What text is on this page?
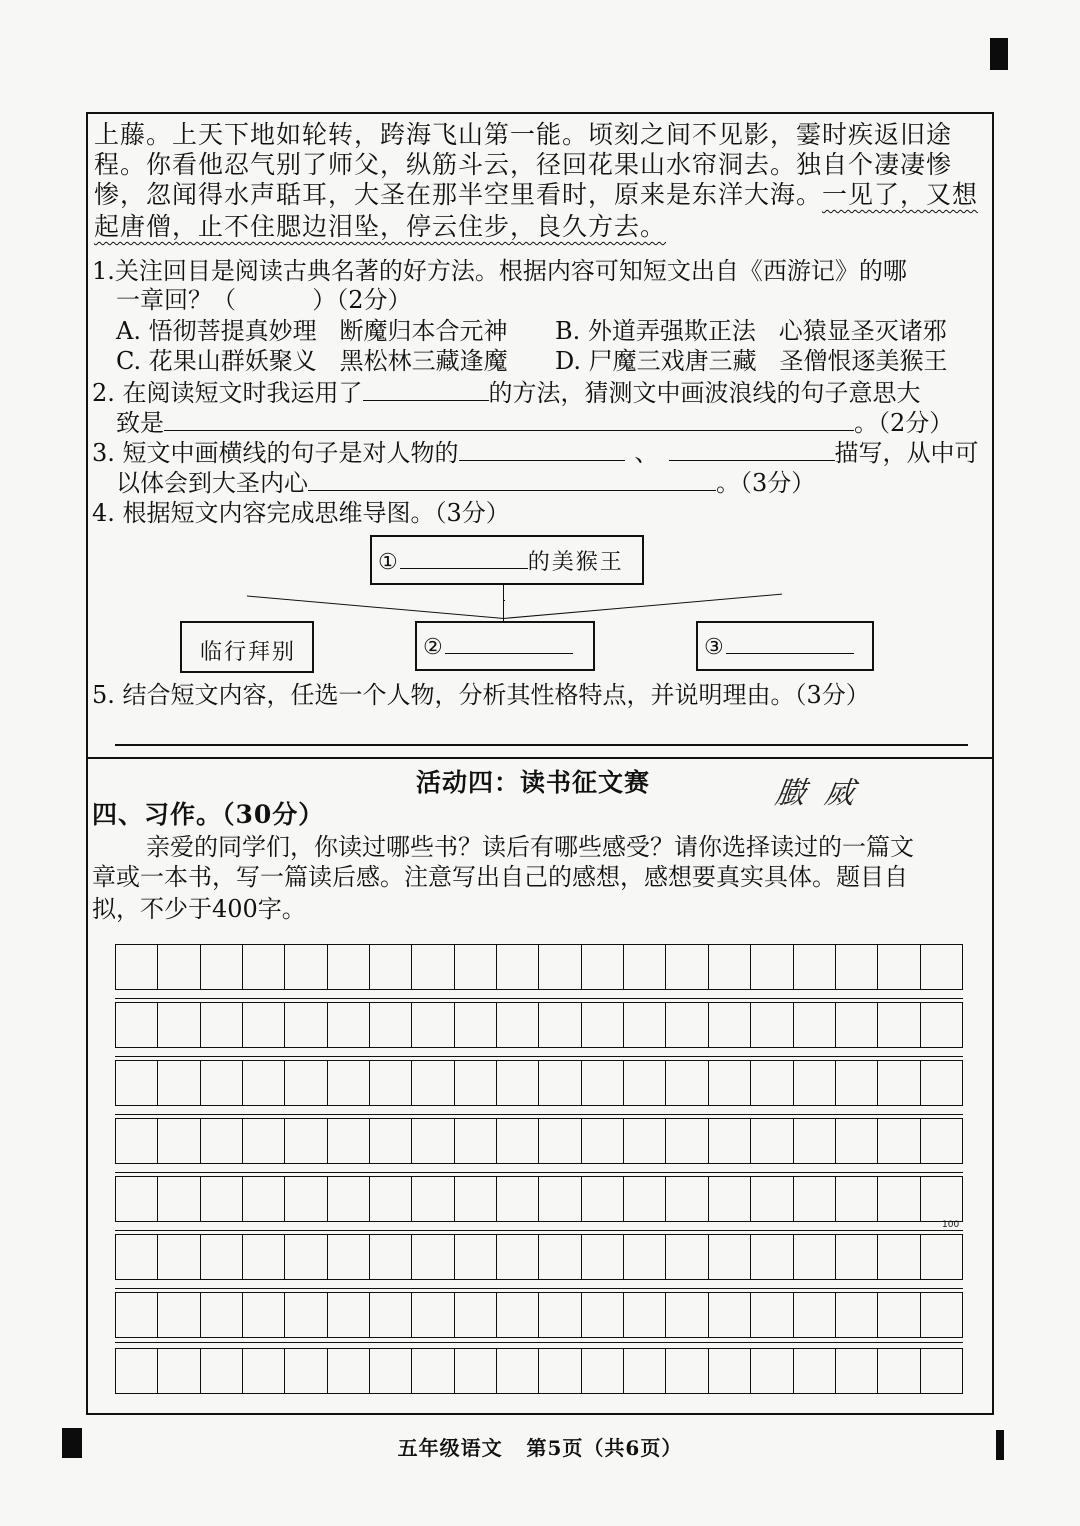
上藤。上天下地如轮转，跨海飞山第一能。顷刻之间不见影，霎时疾返旧途
程。你看他忍气别了师父，纵筋斗云，径回花果山水帘洞去。独自个凄凄惨
惨，忽闻得水声聒耳，大圣在那半空里看时，原来是东洋大海。一见了，又想
起唐僧，止不住腮边泪坠，停云住步，良久方去。
1.关注回目是阅读古典名著的好方法。根据内容可知短文出自《西游记》的哪
一章回？（          ）（2分）
A. 悟彻菩提真妙理   断魔归本合元神 B. 外道弄强欺正法   心猿显圣灭诸邪
C. 花果山群妖聚义   黑松林三藏逢魔 D. 尸魔三戏唐三藏   圣僧恨逐美猴王
2. 在阅读短文时我运用了	的方法，猜测文中画波浪线的句子意思大
致是	。（2分）
3. 短文中画横线的句子是对人物的	、	描写，从中可
以体会到大圣内心	。（3分）
4. 根据短文内容完成思维导图。（3分）
①	的美猴王
临行拜别	②	③
5. 结合短文内容，任选一个人物，分析其性格特点，并说明理由。（3分）
活动四：读书征文赛	臌  烕
四、习作。（30分）
亲爱的同学们，你读过哪些书？读后有哪些感受？请你选择读过的一篇文
章或一本书，写一篇读后感。注意写出自己的感想，感想要真实具体。题目自
拟，不少于400字。
100
五年级语文   第5页（共6页）
